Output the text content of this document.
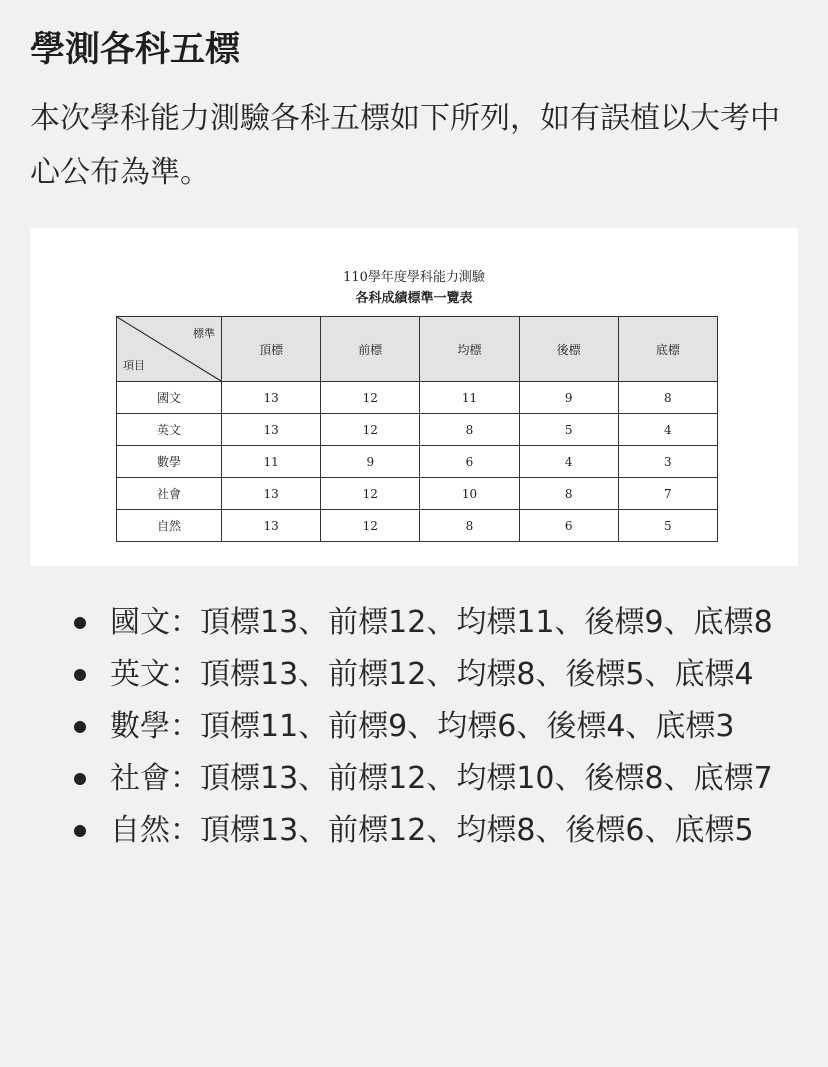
學測各科五標

本次學科能力測驗各科五標如下所列，如有誤植以大考中心公布為準。

110學年度學科能力測驗
各科成績標準一覽表
標準
項目	頂標	前標	均標	後標	底標
國文	13	12	11	9	8
英文	13	12	8	5	4
數學	11	9	6	4	3
社會	13	12	10	8	7
自然	13	12	8	6	5
國文：頂標13、前標12、均標11、後標9、底標8
英文：頂標13、前標12、均標8、後標5、底標4
數學：頂標11、前標9、均標6、後標4、底標3
社會：頂標13、前標12、均標10、後標8、底標7
自然：頂標13、前標12、均標8、後標6、底標5
